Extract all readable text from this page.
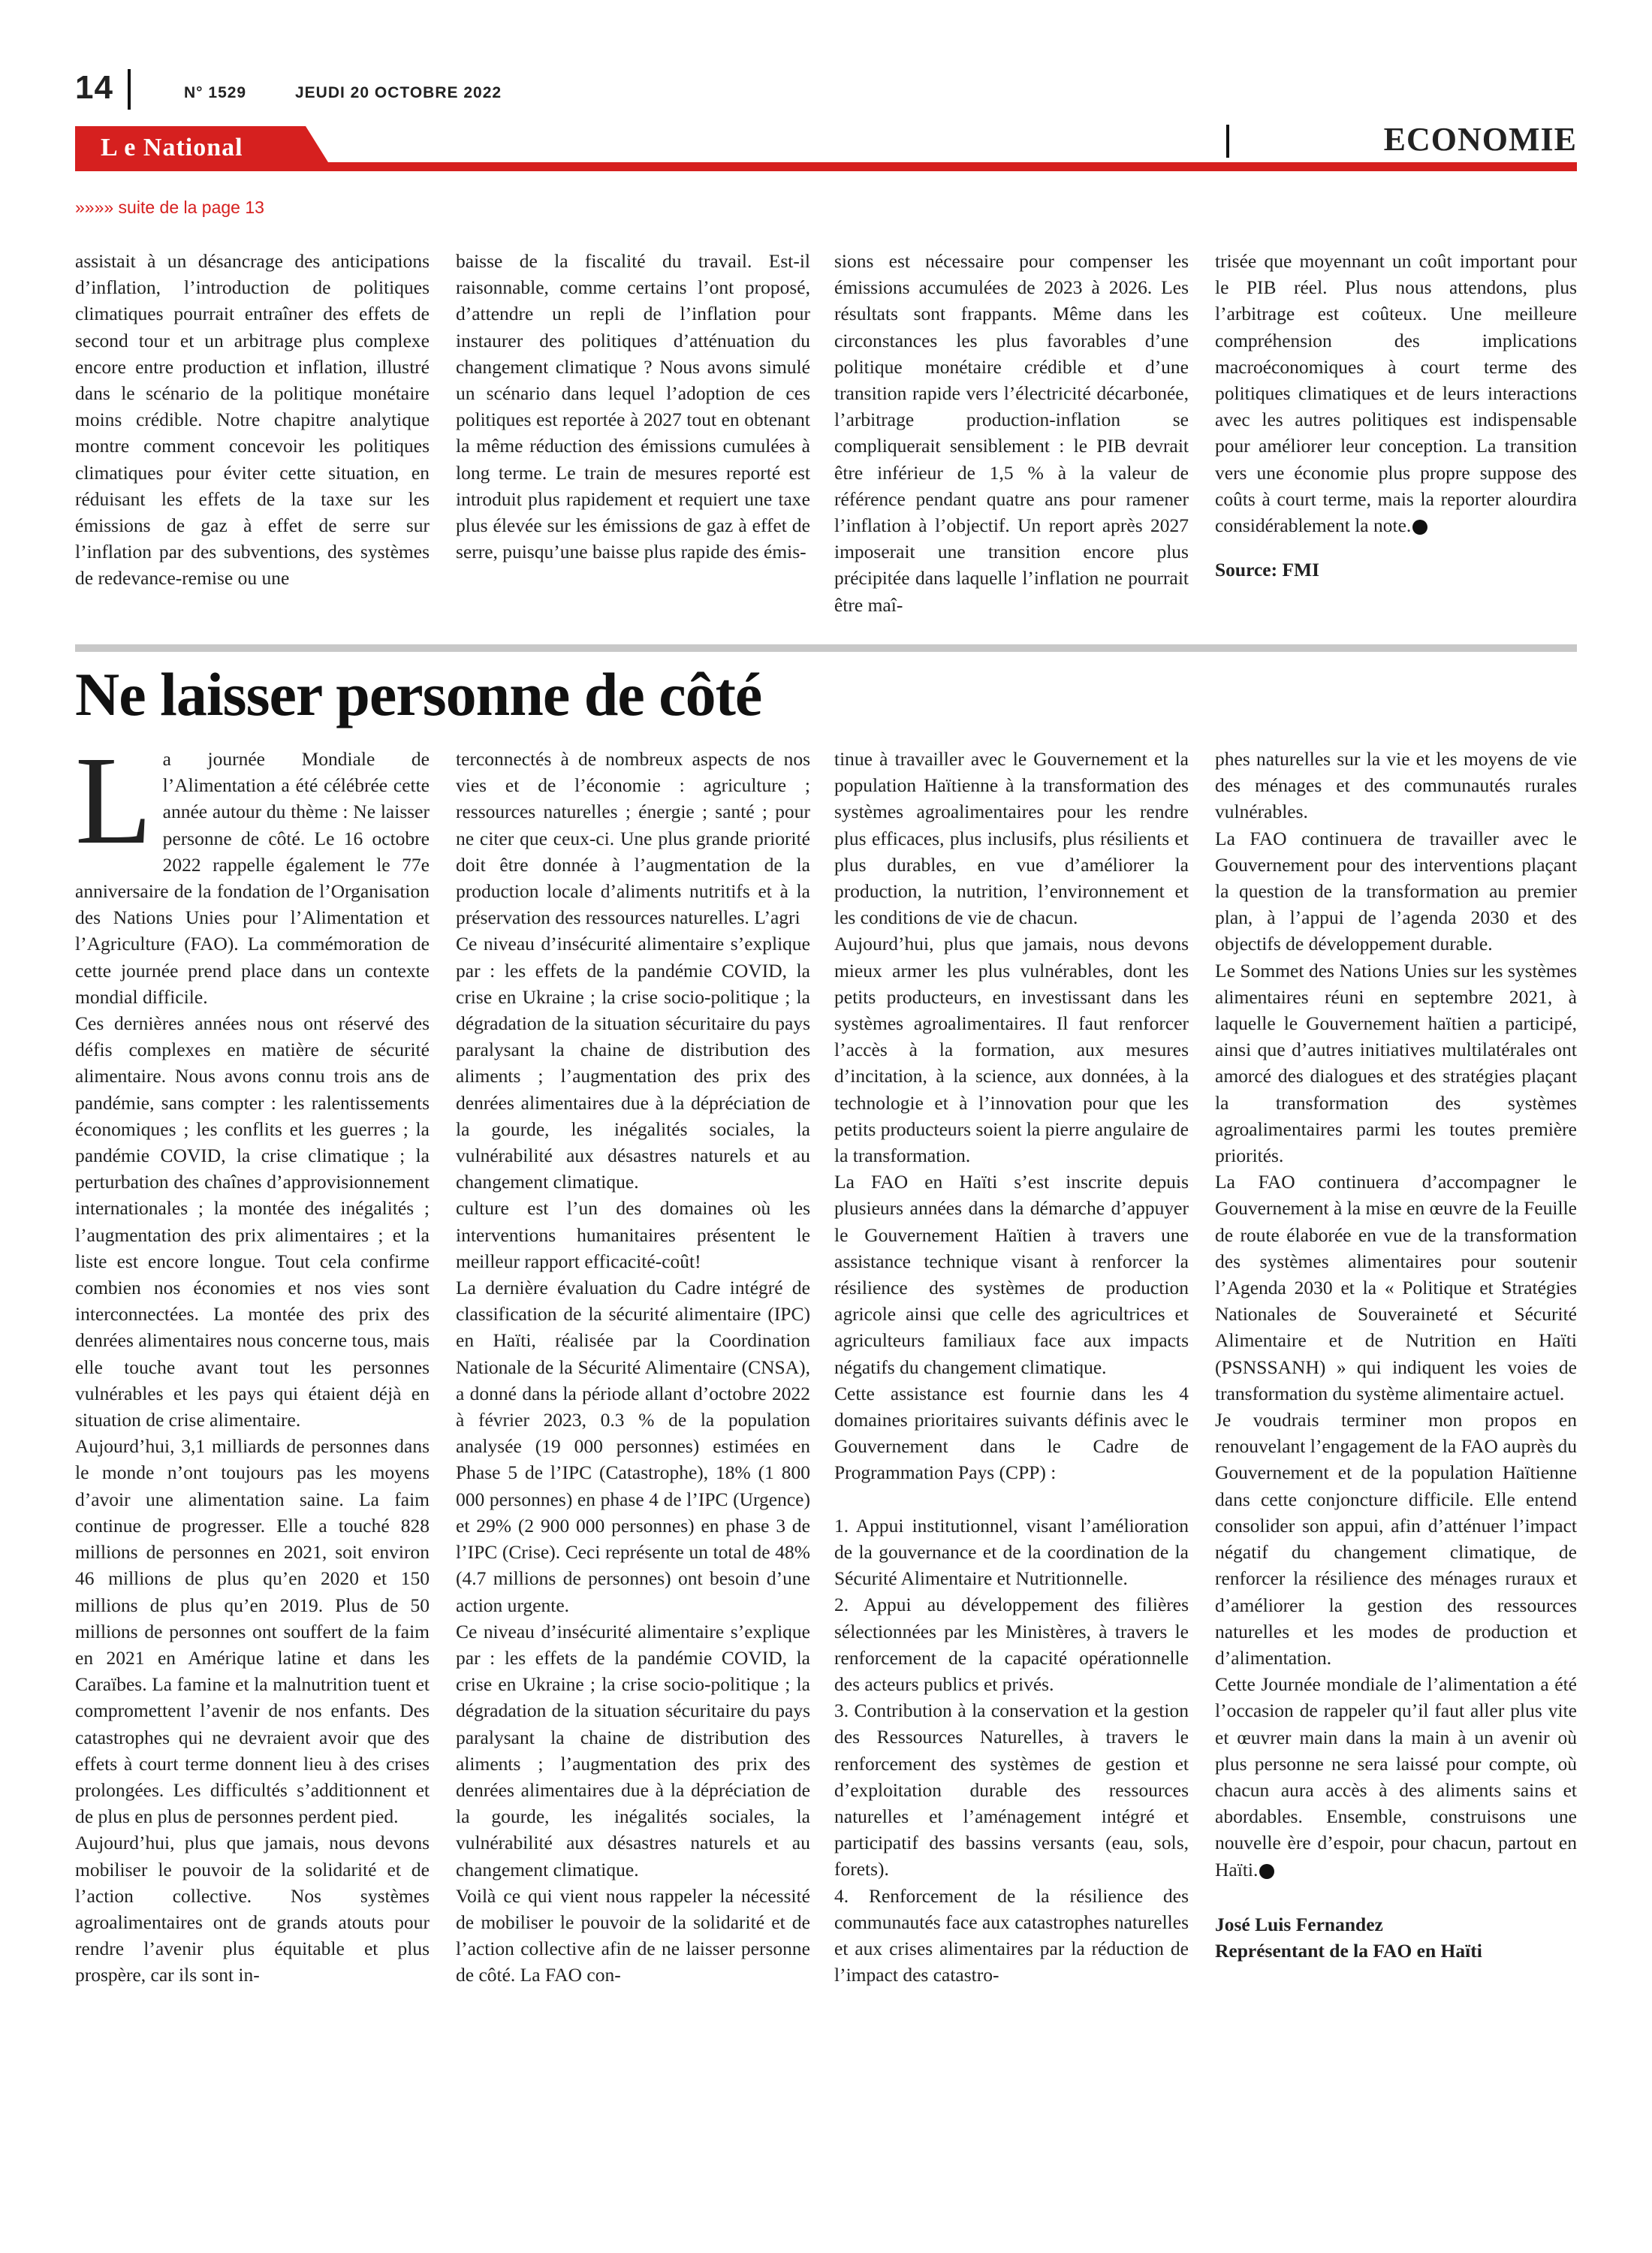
14	N° 1529	JEUDI 20 OCTOBRE 2022
L e National	ECONOMIE
»»»» suite de la page 13

assistait à un désancrage des anticipations d’inflation, l’introduction de politiques climatiques pourrait entraîner des effets de second tour et un arbitrage plus complexe encore entre production et inflation, illustré dans le scénario de la politique monétaire moins crédible. Notre chapitre analytique montre comment concevoir les politiques climatiques pour éviter cette situation, en réduisant les effets de la taxe sur les émissions de gaz à effet de serre sur l’inflation par des subventions, des systèmes de redevance-remise ou une

baisse de la fiscalité du travail. Est-il raisonnable, comme certains l’ont proposé, d’attendre un repli de l’inflation pour instaurer des politiques d’atténuation du changement climatique ? Nous avons simulé un scénario dans lequel l’adoption de ces politiques est reportée à 2027 tout en obtenant la même réduction des émissions cumulées à long terme. Le train de mesures reporté est introduit plus rapidement et requiert une taxe plus élevée sur les émissions de gaz à effet de serre, puisqu’une baisse plus rapide des émis-

sions est nécessaire pour compenser les émissions accumulées de 2023 à 2026. Les résultats sont frappants. Même dans les circonstances les plus favorables d’une politique monétaire crédible et d’une transition rapide vers l’électricité décarbonée, l’arbitrage production-inflation se compliquerait sensiblement : le PIB devrait être inférieur de 1,5 % à la valeur de référence pendant quatre ans pour ramener l’inflation à l’objectif. Un report après 2027 imposerait une transition encore plus précipitée dans laquelle l’inflation ne pourrait être maî-

trisée que moyennant un coût important pour le PIB réel. Plus nous attendons, plus l’arbitrage est coûteux. Une meilleure compréhension des implications macroéconomiques à court terme des politiques climatiques et de leurs interactions avec les autres politiques est indispensable pour améliorer leur conception. La transition vers une économie plus propre suppose des coûts à court terme, mais la reporter alourdira considérablement la note.

Source: FMI

Ne laisser personne de côté

La journée Mondiale de l’Alimentation a été célébrée cette année autour du thème : Ne laisser personne de côté. Le 16 octobre 2022 rappelle également le 77e anniversaire de la fondation de l’Organisation des Nations Unies pour l’Alimentation et l’Agriculture (FAO). La commémoration de cette journée prend place dans un contexte mondial difficile.

Ces dernières années nous ont réservé des défis complexes en matière de sécurité alimentaire. Nous avons connu trois ans de pandémie, sans compter : les ralentissements économiques ; les conflits et les guerres ; la pandémie COVID, la crise climatique ; la perturbation des chaînes d’approvisionnement internationales ; la montée des inégalités ; l’augmentation des prix alimentaires ; et la liste est encore longue. Tout cela confirme combien nos économies et nos vies sont interconnectées. La montée des prix des denrées alimentaires nous concerne tous, mais elle touche avant tout les personnes vulnérables et les pays qui étaient déjà en situation de crise alimentaire.

Aujourd’hui, 3,1 milliards de personnes dans le monde n’ont toujours pas les moyens d’avoir une alimentation saine. La faim continue de progresser. Elle a touché 828 millions de personnes en 2021, soit environ 46 millions de plus qu’en 2020 et 150 millions de plus qu’en 2019. Plus de 50 millions de personnes ont souffert de la faim en 2021 en Amérique latine et dans les Caraïbes. La famine et la malnutrition tuent et compromettent l’avenir de nos enfants. Des catastrophes qui ne devraient avoir que des effets à court terme donnent lieu à des crises prolongées. Les difficultés s’additionnent et de plus en plus de personnes perdent pied.

Aujourd’hui, plus que jamais, nous devons mobiliser le pouvoir de la solidarité et de l’action collective. Nos systèmes agroalimentaires ont de grands atouts pour rendre l’avenir plus équitable et plus prospère, car ils sont in-

terconnectés à de nombreux aspects de nos vies et de l’économie : agriculture ; ressources naturelles ; énergie ; santé ; pour ne citer que ceux-ci. Une plus grande priorité doit être donnée à l’augmentation de la production locale d’aliments nutritifs et à la préservation des ressources naturelles. L’agri

Ce niveau d’insécurité alimentaire s’explique par : les effets de la pandémie COVID, la crise en Ukraine ; la crise socio-politique ; la dégradation de la situation sécuritaire du pays paralysant la chaine de distribution des aliments ; l’augmentation des prix des denrées alimentaires due à la dépréciation de la gourde, les inégalités sociales, la vulnérabilité aux désastres naturels et au changement climatique.

culture est l’un des domaines où les interventions humanitaires présentent le meilleur rapport efficacité-coût!

La dernière évaluation du Cadre intégré de classification de la sécurité alimentaire (IPC) en Haïti, réalisée par la Coordination Nationale de la Sécurité Alimentaire (CNSA), a donné dans la période allant d’octobre 2022 à février 2023, 0.3 % de la population analysée (19 000 personnes) estimées en Phase 5 de l’IPC (Catastrophe), 18% (1 800 000 personnes) en phase 4 de l’IPC (Urgence) et 29% (2 900 000 personnes) en phase 3 de l’IPC (Crise). Ceci représente un total de 48% (4.7 millions de personnes) ont besoin d’une action urgente.

Ce niveau d’insécurité alimentaire s’explique par : les effets de la pandémie COVID, la crise en Ukraine ; la crise socio-politique ; la dégradation de la situation sécuritaire du pays paralysant la chaine de distribution des aliments ; l’augmentation des prix des denrées alimentaires due à la dépréciation de la gourde, les inégalités sociales, la vulnérabilité aux désastres naturels et au changement climatique.

Voilà ce qui vient nous rappeler la nécessité de mobiliser le pouvoir de la solidarité et de l’action collective afin de ne laisser personne de côté. La FAO con-

tinue à travailler avec le Gouvernement et la population Haïtienne à la transformation des systèmes agroalimentaires pour les rendre plus efficaces, plus inclusifs, plus résilients et plus durables, en vue d’améliorer la production, la nutrition, l’environnement et les conditions de vie de chacun.

Aujourd’hui, plus que jamais, nous devons mieux armer les plus vulnérables, dont les petits producteurs, en investissant dans les systèmes agroalimentaires. Il faut renforcer l’accès à la formation, aux mesures d’incitation, à la science, aux données, à la technologie et à l’innovation pour que les petits producteurs soient la pierre angulaire de la transformation.

La FAO en Haïti s’est inscrite depuis plusieurs années dans la démarche d’appuyer le Gouvernement Haïtien à travers une assistance technique visant à renforcer la résilience des systèmes de production agricole ainsi que celle des agricultrices et agriculteurs familiaux face aux impacts négatifs du changement climatique.

Cette assistance est fournie dans les 4 domaines prioritaires suivants définis avec le Gouvernement dans le Cadre de Programmation Pays (CPP) :

1. Appui institutionnel, visant l’amélioration de la gouvernance et de la coordination de la Sécurité Alimentaire et Nutritionnelle.

2. Appui au développement des filières sélectionnées par les Ministères, à travers le renforcement de la capacité opérationnelle des acteurs publics et privés.

3. Contribution à la conservation et la gestion des Ressources Naturelles, à travers le renforcement des systèmes de gestion et d’exploitation durable des ressources naturelles et l’aménagement intégré et participatif des bassins versants (eau, sols, forets).

4. Renforcement de la résilience des communautés face aux catastrophes naturelles et aux crises alimentaires par la réduction de l’impact des catastro-

phes naturelles sur la vie et les moyens de vie des ménages et des communautés rurales vulnérables.

La FAO continuera de travailler avec le Gouvernement pour des interventions plaçant la question de la transformation au premier plan, à l’appui de l’agenda 2030 et des objectifs de développement durable.

Le Sommet des Nations Unies sur les systèmes alimentaires réuni en septembre 2021, à laquelle le Gouvernement haïtien a participé, ainsi que d’autres initiatives multilatérales ont amorcé des dialogues et des stratégies plaçant la transformation des systèmes agroalimentaires parmi les toutes première priorités.

La FAO continuera d’accompagner le Gouvernement à la mise en œuvre de la Feuille de route élaborée en vue de la transformation des systèmes alimentaires pour soutenir l’Agenda 2030 et la « Politique et Stratégies Nationales de Souveraineté et Sécurité Alimentaire et de Nutrition en Haïti (PSNSSANH) » qui indiquent les voies de transformation du système alimentaire actuel.

Je voudrais terminer mon propos en renouvelant l’engagement de la FAO auprès du Gouvernement et de la population Haïtienne dans cette conjoncture difficile. Elle entend consolider son appui, afin d’atténuer l’impact négatif du changement climatique, de renforcer la résilience des ménages ruraux et d’améliorer la gestion des ressources naturelles et les modes de production et d’alimentation.

Cette Journée mondiale de l’alimentation a été l’occasion de rappeler qu’il faut aller plus vite et œuvrer main dans la main à un avenir où plus personne ne sera laissé pour compte, où chacun aura accès à des aliments sains et abordables. Ensemble, construisons une nouvelle ère d’espoir, pour chacun, partout en Haïti.

José Luis Fernandez

Représentant de la FAO en Haïti
